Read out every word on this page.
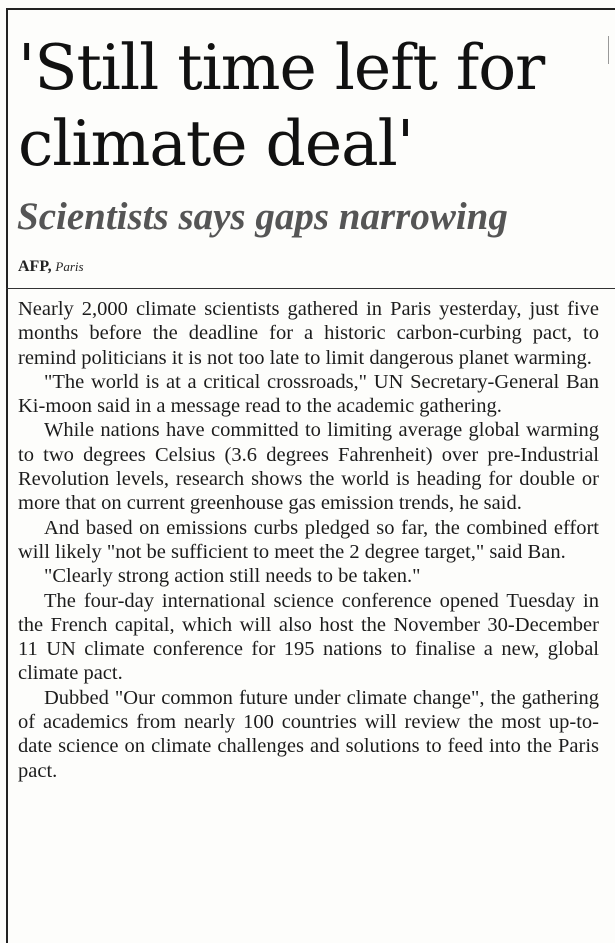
'Still time left for climate deal'
Scientists says gaps narrowing
AFP, Paris

Nearly 2,000 climate scientists gathered in Paris yesterday, just five months before the deadline for a historic carbon-curbing pact, to remind politicians it is not too late to limit dangerous planet warming.

"The world is at a critical crossroads," UN Secretary-General Ban Ki-moon said in a message read to the academic gathering.

While nations have committed to limiting average global warming to two degrees Celsius (3.6 degrees Fahrenheit) over pre-Industrial Revolution levels, research shows the world is heading for double or more that on current greenhouse gas emission trends, he said.

And based on emissions curbs pledged so far, the combined effort will likely "not be sufficient to meet the 2 degree target," said Ban.

"Clearly strong action still needs to be taken."

The four-day international science conference opened Tuesday in the French capital, which will also host the November 30-December 11 UN climate conference for 195 nations to finalise a new, global climate pact.

Dubbed "Our common future under climate change", the gathering of academics from nearly 100 countries will review the most up-to-date science on climate challenges and solutions to feed into the Paris pact.
